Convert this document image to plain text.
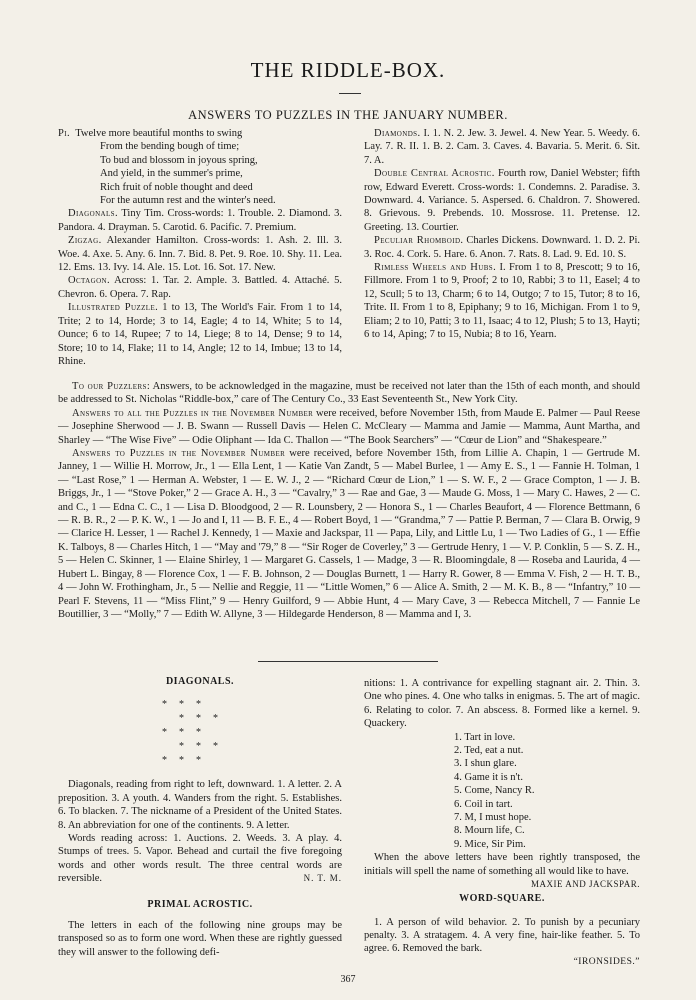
THE RIDDLE-BOX.
ANSWERS TO PUZZLES IN THE JANUARY NUMBER.

Pi. Twelve more beautiful months to swing

From the bending bough of time;

To bud and blossom in joyous spring,

And yield, in the summer's prime,

Rich fruit of noble thought and deed

For the autumn rest and the winter's need.

Diagonals. Tiny Tim. Cross-words: 1. Trouble. 2. Diamond. 3. Pandora. 4. Drayman. 5. Carotid. 6. Pacific. 7. Premium.

Zigzag. Alexander Hamilton. Cross-words: 1. Ash. 2. Ill. 3. Woe. 4. Axe. 5. Any. 6. Inn. 7. Bid. 8. Pet. 9. Roe. 10. Shy. 11. Lea. 12. Ems. 13. Ivy. 14. Ale. 15. Lot. 16. Sot. 17. New.

Octagon. Across: 1. Tar. 2. Ample. 3. Battled. 4. Attaché. 5. Chevron. 6. Opera. 7. Rap.

Illustrated Puzzle. 1 to 13, The World's Fair. From 1 to 14, Trite; 2 to 14, Horde; 3 to 14, Eagle; 4 to 14, White; 5 to 14, Ounce; 6 to 14, Rupee; 7 to 14, Liege; 8 to 14, Dense; 9 to 14, Store; 10 to 14, Flake; 11 to 14, Angle; 12 to 14, Imbue; 13 to 14, Rhine.

Diamonds. I. 1. N. 2. Jew. 3. Jewel. 4. New Year. 5. Weedy. 6. Lay. 7. R. II. 1. B. 2. Cam. 3. Caves. 4. Bavaria. 5. Merit. 6. Sit. 7. A.

Double Central Acrostic. Fourth row, Daniel Webster; fifth row, Edward Everett. Cross-words: 1. Condemns. 2. Paradise. 3. Downward. 4. Variance. 5. Aspersed. 6. Chaldron. 7. Showered. 8. Grievous. 9. Prebends. 10. Mossrose. 11. Pretense. 12. Greeting. 13. Courtier.

Peculiar Rhomboid. Charles Dickens. Downward. 1. D. 2. Pi. 3. Roc. 4. Cork. 5. Hare. 6. Anon. 7. Rats. 8. Lad. 9. Ed. 10. S.

Rimless Wheels and Hubs. I. From 1 to 8, Prescott; 9 to 16, Fillmore. From 1 to 9, Proof; 2 to 10, Rabbi; 3 to 11, Easel; 4 to 12, Scull; 5 to 13, Charm; 6 to 14, Outgo; 7 to 15, Tutor; 8 to 16, Trite. II. From 1 to 8, Epiphany; 9 to 16, Michigan. From 1 to 9, Eliam; 2 to 10, Patti; 3 to 11, Isaac; 4 to 12, Plush; 5 to 13, Hayti; 6 to 14, Aping; 7 to 15, Nubia; 8 to 16, Yearn.

To our Puzzlers: Answers, to be acknowledged in the magazine, must be received not later than the 15th of each month, and should be addressed to St. Nicholas “Riddle-box,” care of The Century Co., 33 East Seventeenth St., New York City.

Answers to all the Puzzles in the November Number were received, before November 15th, from Maude E. Palmer — Paul Reese — Josephine Sherwood — J. B. Swann — Russell Davis — Helen C. McCleary — Mamma and Jamie — Mamma, Aunt Martha, and Sharley — “The Wise Five” — Odie Oliphant — Ida C. Thallon — “The Book Searchers” — “Cœur de Lion” and “Shakespeare.”

Answers to Puzzles in the November Number were received, before November 15th, from Lillie A. Chapin, 1 — Gertrude M. Janney, 1 — Willie H. Morrow, Jr., 1 — Ella Lent, 1 — Katie Van Zandt, 5 — Mabel Burlee, 1 — Amy E. S., 1 — Fannie H. Tolman, 1 — “Last Rose,” 1 — Herman A. Webster, 1 — E. W. J., 2 — “Richard Cœur de Lion,” 1 — S. W. F., 2 — Grace Compton, 1 — J. B. Briggs, Jr., 1 — “Stove Poker,” 2 — Grace A. H., 3 — “Cavalry,” 3 — Rae and Gae, 3 — Maude G. Moss, 1 — Mary C. Hawes, 2 — C. and C., 1 — Edna C. C., 1 — Lisa D. Bloodgood, 2 — R. Lounsbery, 2 — Honora S., 1 — Charles Beaufort, 4 — Florence Bettmann, 6 — R. B. R., 2 — P. K. W., 1 — Jo and I, 11 — B. F. E., 4 — Robert Boyd, 1 — “Grandma,” 7 — Pattie P. Berman, 7 — Clara B. Orwig, 9 — Clarice H. Lesser, 1 — Rachel J. Kennedy, 1 — Maxie and Jackspar, 11 — Papa, Lily, and Little Lu, 1 — Two Ladies of G., 1 — Effie K. Talboys, 8 — Charles Hitch, 1 — “May and '79,” 8 — “Sir Roger de Coverley,” 3 — Gertrude Henry, 1 — V. P. Conklin, 5 — S. Z. H., 5 — Helen C. Skinner, 1 — Elaine Shirley, 1 — Margaret G. Cassels, 1 — Madge, 3 — R. Bloomingdale, 8 — Roseba and Laurida, 4 — Hubert L. Bingay, 8 — Florence Cox, 1 — F. B. Johnson, 2 — Douglas Burnett, 1 — Harry R. Gower, 8 — Emma V. Fish, 2 — H. T. B., 4 — John W. Frothingham, Jr., 5 — Nellie and Reggie, 11 — “Little Women,” 6 — Alice A. Smith, 2 — M. K. B., 8 — “Infantry,” 10 — Pearl F. Stevens, 11 — “Miss Flint,” 9 — Henry Guilford, 9 — Abbie Hunt, 4 — Mary Cave, 3 — Rebecca Mitchell, 7 — Fannie Le Boutillier, 3 — “Molly,” 7 — Edith W. Allyne, 3 — Hildegarde Henderson, 8 — Mamma and I, 3.

DIAGONALS.
* * *
* * *
* * *
* * *
* * *

Diagonals, reading from right to left, downward. 1. A letter. 2. A preposition. 3. A youth. 4. Wanders from the right. 5. Establishes. 6. To blacken. 7. The nickname of a President of the United States. 8. An abbreviation for one of the continents. 9. A letter.

Words reading across: 1. Auctions. 2. Weeds. 3. A play. 4. Stumps of trees. 5. Vapor. Behead and curtail the five foregoing words and other words result. The three central words are reversible.	N. T. M.

PRIMAL ACROSTIC.

The letters in each of the following nine groups may be transposed so as to form one word. When these are rightly guessed they will answer to the following defi-

nitions: 1. A contrivance for expelling stagnant air. 2. Thin. 3. One who pines. 4. One who talks in enigmas. 5. The art of magic. 6. Relating to color. 7. An abscess. 8. Formed like a kernel. 9. Quackery.

1. Tart in love.

2. Ted, eat a nut.

3. I shun glare.

4. Game it is n't.

5. Come, Nancy R.

6. Coil in tart.

7. M, I must hope.

8. Mourn life, C.

9. Mice, Sir Pim.

When the above letters have been rightly transposed, the initials will spell the name of something all would like to have.
MAXIE AND JACKSPAR.

WORD-SQUARE.

1. A person of wild behavior. 2. To punish by a pecuniary penalty. 3. A stratagem. 4. A very fine, hair-like feather. 5. To agree. 6. Removed the bark.

“IRONSIDES.”

367
